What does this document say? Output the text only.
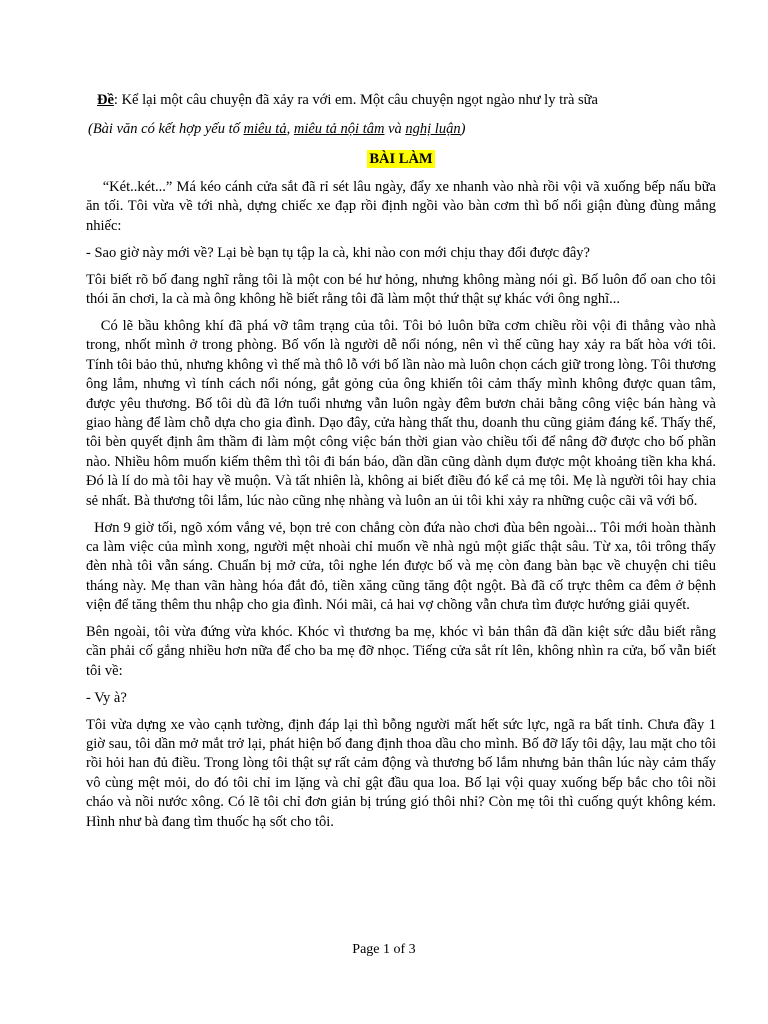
Đề: Kể lại một câu chuyện đã xảy ra với em. Một câu chuyện ngọt ngào như ly trà sữa
(Bài văn có kết hợp yếu tố miêu tả, miêu tả nội tâm và nghị luận)
BÀI LÀM

“Két..két...” Má kéo cánh cửa sắt đã rỉ sét lâu ngày, đẩy xe nhanh vào nhà rồi vội vã xuống bếp nấu bữa ăn tối. Tôi vừa về tới nhà, dựng chiếc xe đạp rồi định ngồi vào bàn cơm thì bố nổi giận đùng đùng mắng nhiếc:

- Sao giờ này mới về? Lại bè bạn tụ tập la cà, khi nào con mới chịu thay đổi được đây?

Tôi biết rõ bố đang nghĩ rằng tôi là một con bé hư hỏng, nhưng không màng nói gì. Bố luôn đổ oan cho tôi thói ăn chơi, la cà mà ông không hề biết rằng tôi đã làm một thứ thật sự khác với ông nghĩ...

Có lẽ bầu không khí đã phá vỡ tâm trạng của tôi. Tôi bỏ luôn bữa cơm chiều rồi vội đi thẳng vào nhà trong, nhốt mình ở trong phòng. Bố vốn là người dễ nổi nóng, nên vì thế cũng hay xảy ra bất hòa với tôi. Tính tôi bảo thủ, nhưng không vì thế mà thô lỗ với bố lần nào mà luôn chọn cách giữ trong lòng. Tôi thương ông lắm, nhưng vì tính cách nổi nóng, gắt gỏng của ông khiến tôi cảm thấy mình không được quan tâm, được yêu thương. Bố tôi dù đã lớn tuổi nhưng vẫn luôn ngày đêm bươn chải bằng công việc bán hàng và giao hàng để làm chỗ dựa cho gia đình. Dạo đây, cửa hàng thất thu, doanh thu cũng giảm đáng kể. Thấy thế, tôi bèn quyết định âm thầm đi làm một công việc bán thời gian vào chiều tối để nâng đỡ được cho bố phần nào. Nhiều hôm muốn kiếm thêm thì tôi đi bán báo, dần dần cũng dành dụm được một khoảng tiền kha khá. Đó là lí do mà tôi hay về muộn. Và tất nhiên là, không ai biết điều đó kể cả mẹ tôi. Mẹ là người tôi hay chia sẻ nhất. Bà thương tôi lắm, lúc nào cũng nhẹ nhàng và luôn an ủi tôi khi xảy ra những cuộc cãi vã với bố.

Hơn 9 giờ tối, ngõ xóm vắng vẻ, bọn trẻ con chẳng còn đứa nào chơi đùa bên ngoài... Tôi mới hoàn thành ca làm việc của mình xong, người mệt nhoài chỉ muốn về nhà ngủ một giấc thật sâu. Từ xa, tôi trông thấy đèn nhà tôi vẫn sáng. Chuẩn bị mở cửa, tôi nghe lén được bố và mẹ còn đang bàn bạc về chuyện chi tiêu tháng này. Mẹ than vãn hàng hóa đắt đỏ, tiền xăng cũng tăng đột ngột. Bà đã cố trực thêm ca đêm ở bệnh viện để tăng thêm thu nhập cho gia đình. Nói mãi, cả hai vợ chồng vẫn chưa tìm được hướng giải quyết.

Bên ngoài, tôi vừa đứng vừa khóc. Khóc vì thương ba mẹ, khóc vì bản thân đã dần kiệt sức dẫu biết rằng cần phải cố gắng nhiều hơn nữa để cho ba mẹ đỡ nhọc. Tiếng cửa sắt rít lên, không nhìn ra cửa, bố vẫn biết tôi về:

- Vy à?

Tôi vừa dựng xe vào cạnh tường, định đáp lại thì bỗng người mất hết sức lực, ngã ra bất tỉnh. Chưa đầy 1 giờ sau, tôi dần mở mắt trở lại, phát hiện bố đang định thoa dầu cho mình. Bố đỡ lấy tôi dậy, lau mặt cho tôi rồi hỏi han đủ điều. Trong lòng tôi thật sự rất cảm động và thương bố lắm nhưng bản thân lúc này cảm thấy vô cùng mệt mỏi, do đó tôi chỉ im lặng và chỉ gật đầu qua loa. Bố lại vội quay xuống bếp bắc cho tôi nồi cháo và nồi nước xông. Có lẽ tôi chỉ đơn giản bị trúng gió thôi nhỉ? Còn mẹ tôi thì cuống quýt không kém. Hình như bà đang tìm thuốc hạ sốt cho tôi.

Page 1 of 3
